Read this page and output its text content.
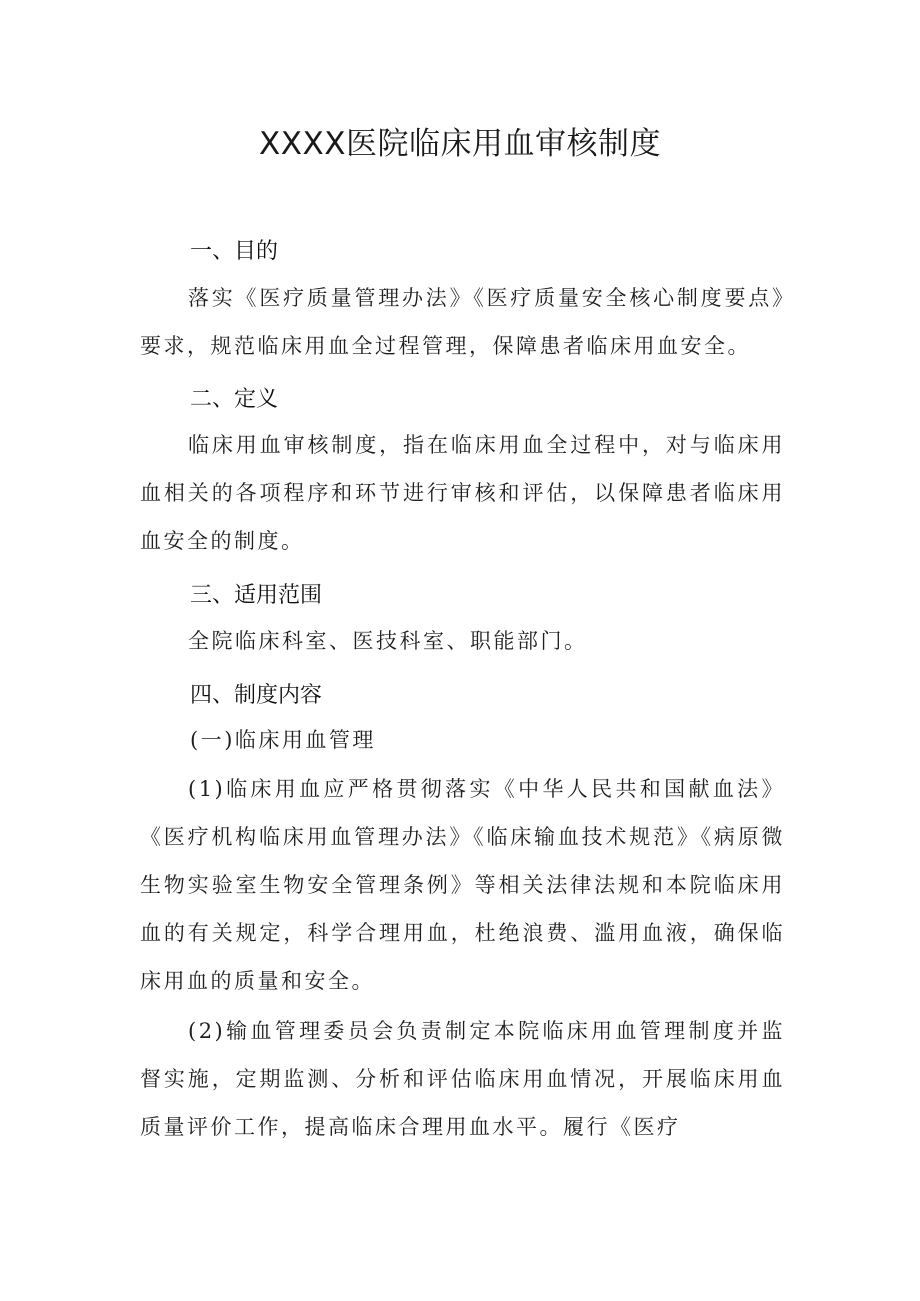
XXXX医院临床用血审核制度
一、目的

落实《医疗质量管理办法》《医疗质量安全核心制度要点》要求，规范临床用血全过程管理，保障患者临床用血安全。

二、定义

临床用血审核制度，指在临床用血全过程中，对与临床用血相关的各项程序和环节进行审核和评估，以保障患者临床用血安全的制度。

三、适用范围

全院临床科室、医技科室、职能部门。

四、制度内容

(一)临床用血管理

(1)临床用血应严格贯彻落实《中华人民共和国献血法》《医疗机构临床用血管理办法》《临床输血技术规范》《病原微生物实验室生物安全管理条例》等相关法律法规和本院临床用血的有关规定，科学合理用血，杜绝浪费、滥用血液，确保临床用血的质量和安全。

(2)输血管理委员会负责制定本院临床用血管理制度并监督实施，定期监测、分析和评估临床用血情况，开展临床用血质量评价工作，提高临床合理用血水平。履行《医疗
